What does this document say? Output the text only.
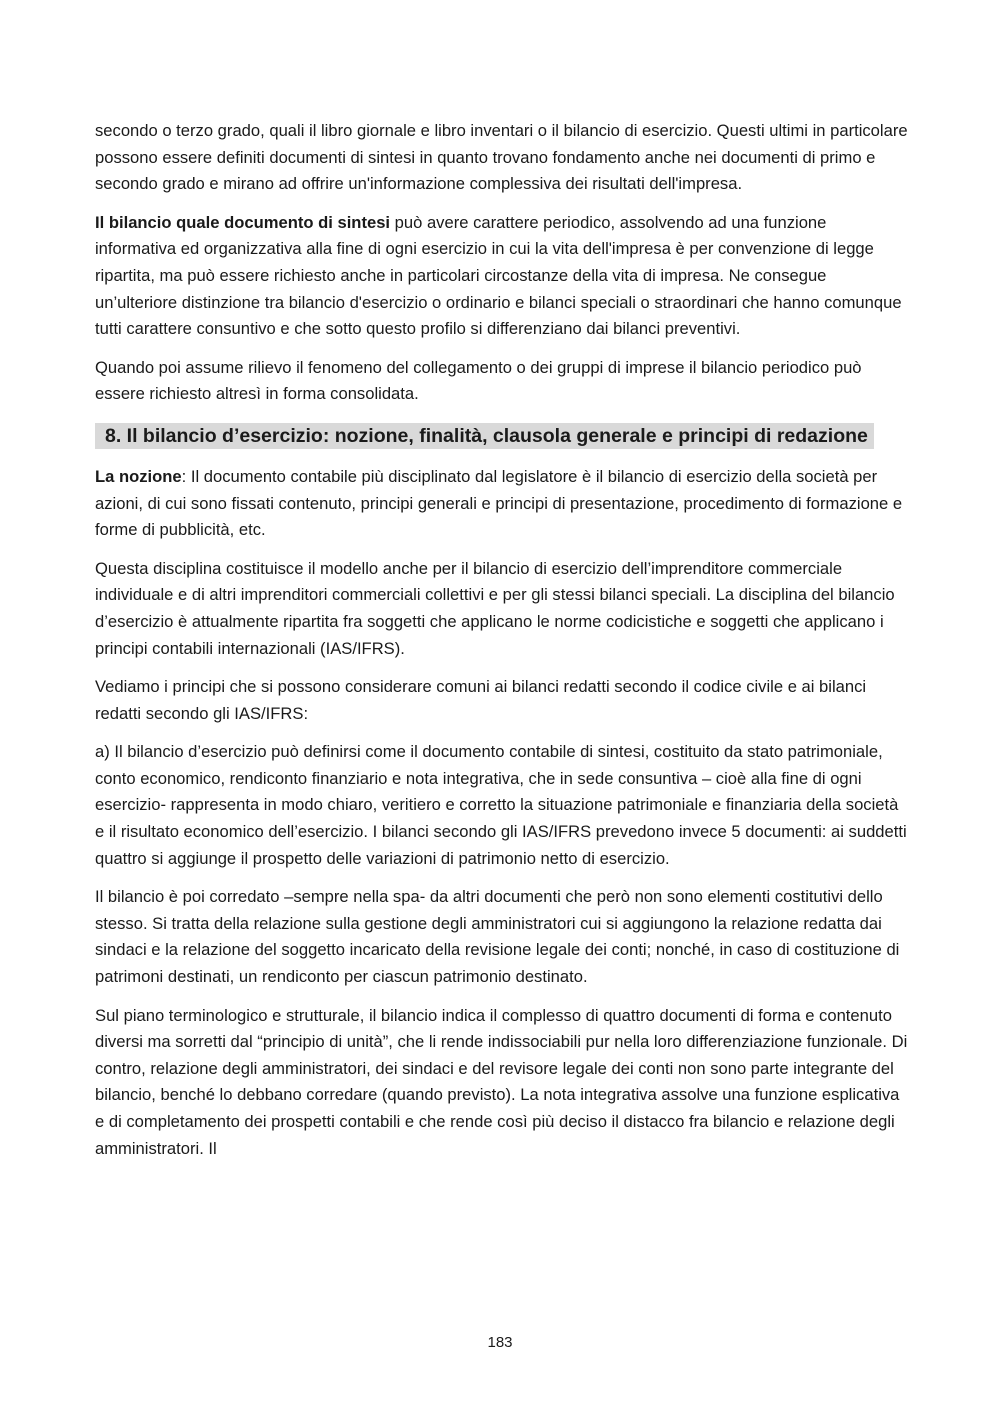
secondo o terzo grado, quali il libro giornale e libro inventari o il bilancio di esercizio. Questi ultimi in particolare possono essere definiti documenti di sintesi in quanto trovano fondamento anche nei documenti di primo e secondo grado e mirano ad offrire un'informazione complessiva dei risultati dell'impresa.

Il bilancio quale documento di sintesi può avere carattere periodico, assolvendo ad una funzione informativa ed organizzativa alla fine di ogni esercizio in cui la vita dell'impresa è per convenzione di legge ripartita, ma può essere richiesto anche in particolari circostanze della vita di impresa. Ne consegue un’ulteriore distinzione tra bilancio d'esercizio o ordinario e bilanci speciali o straordinari che hanno comunque tutti carattere consuntivo e che sotto questo profilo si differenziano dai bilanci preventivi.

Quando poi assume rilievo il fenomeno del collegamento o dei gruppi di imprese il bilancio periodico può essere richiesto altresì in forma consolidata.

8. Il bilancio d’esercizio: nozione, finalità, clausola generale e principi di redazione

La nozione: Il documento contabile più disciplinato dal legislatore è il bilancio di esercizio della società per azioni, di cui sono fissati contenuto, principi generali e principi di presentazione, procedimento di formazione e forme di pubblicità, etc.

Questa disciplina costituisce il modello anche per il bilancio di esercizio dell’imprenditore commerciale individuale e di altri imprenditori commerciali collettivi e per gli stessi bilanci speciali. La disciplina del bilancio d’esercizio è attualmente ripartita fra soggetti che applicano le norme codicistiche e soggetti che applicano i principi contabili internazionali (IAS/IFRS).

Vediamo i principi che si possono considerare comuni ai bilanci redatti secondo il codice civile e ai bilanci redatti secondo gli IAS/IFRS:

a) Il bilancio d’esercizio può definirsi come il documento contabile di sintesi, costituito da stato patrimoniale, conto economico, rendiconto finanziario e nota integrativa, che in sede consuntiva – cioè alla fine di ogni esercizio- rappresenta in modo chiaro, veritiero e corretto la situazione patrimoniale e finanziaria della società e il risultato economico dell’esercizio. I bilanci secondo gli IAS/IFRS prevedono invece 5 documenti: ai suddetti quattro si aggiunge il prospetto delle variazioni di patrimonio netto di esercizio.

Il bilancio è poi corredato –sempre nella spa- da altri documenti che però non sono elementi costitutivi dello stesso. Si tratta della relazione sulla gestione degli amministratori cui si aggiungono la relazione redatta dai sindaci e la relazione del soggetto incaricato della revisione legale dei conti; nonché, in caso di costituzione di patrimoni destinati, un rendiconto per ciascun patrimonio destinato.

Sul piano terminologico e strutturale, il bilancio indica il complesso di quattro documenti di forma e contenuto diversi ma sorretti dal “principio di unità”, che li rende indissociabili pur nella loro differenziazione funzionale. Di contro, relazione degli amministratori, dei sindaci e del revisore legale dei conti non sono parte integrante del bilancio, benché lo debbano corredare (quando previsto). La nota integrativa assolve una funzione esplicativa e di completamento dei prospetti contabili e che rende così più deciso il distacco fra bilancio e relazione degli amministratori. Il

183
